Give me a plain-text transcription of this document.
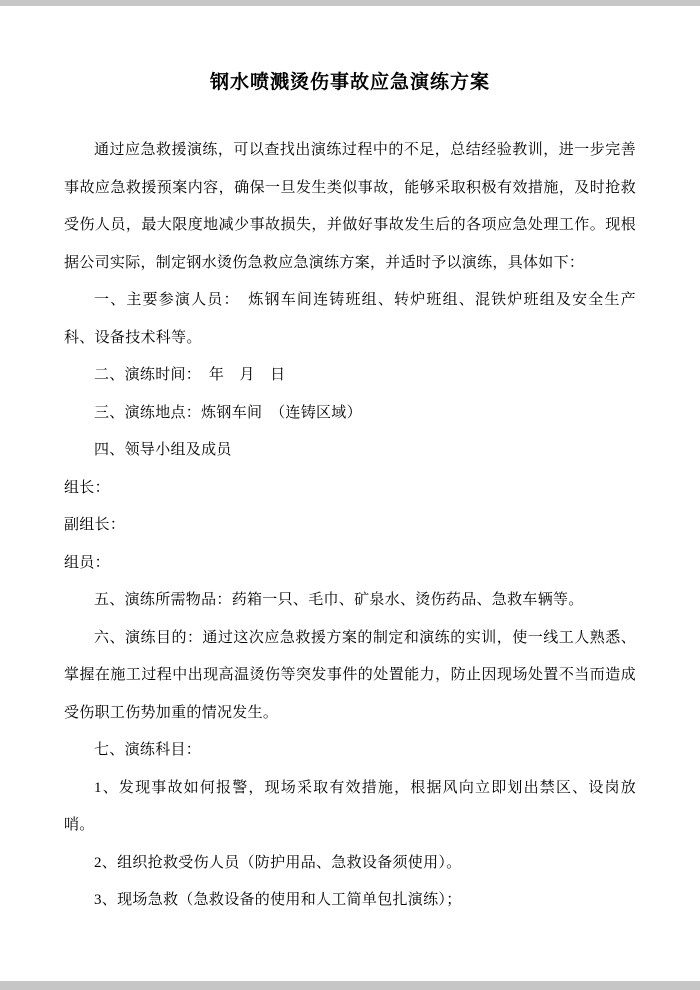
钢水喷溅烫伤事故应急演练方案

通过应急救援演练，可以查找出演练过程中的不足，总结经验教训，进一步完善事故应急救援预案内容，确保一旦发生类似事故，能够采取积极有效措施，及时抢救受伤人员，最大限度地减少事故损失，并做好事故发生后的各项应急处理工作。现根据公司实际，制定钢水烫伤急救应急演练方案，并适时予以演练，具体如下：

一、主要参演人员：　炼钢车间连铸班组、转炉班组、混铁炉班组及安全生产科、设备技术科等。

二、演练时间：　年　月　日

三、演练地点：炼钢车间　（连铸区域）

四、领导小组及成员

组长：

副组长：

组员：

五、演练所需物品：药箱一只、毛巾、矿泉水、烫伤药品、急救车辆等。

六、演练目的：通过这次应急救援方案的制定和演练的实训，使一线工人熟悉、掌握在施工过程中出现高温烫伤等突发事件的处置能力，防止因现场处置不当而造成受伤职工伤势加重的情况发生。

七、演练科目：

1、发现事故如何报警，现场采取有效措施，根据风向立即划出禁区、设岗放哨。

2、组织抢救受伤人员（防护用品、急救设备须使用）。

3、现场急救（急救设备的使用和人工简单包扎演练）；
